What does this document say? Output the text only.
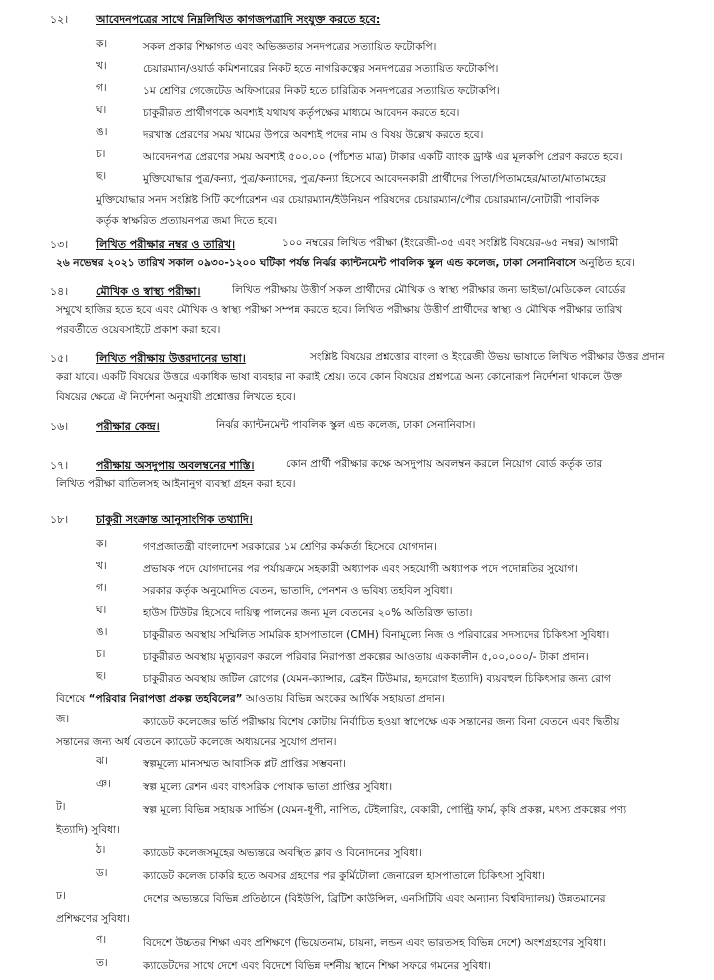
১২।	আবেদনপত্রের সাথে নিম্নলিখিত কাগজপত্রাদি সংযুক্ত করতে হবে:
ক।	সকল প্রকার শিক্ষাগত এবং অভিজ্ঞতার সনদপত্রের সত্যায়িত ফটোকপি।
খ।	চেয়ারম্যান/ওয়ার্ড কমিশনারের নিকট হতে নাগরিকত্বের সনদপত্রের সত্যায়িত ফটোকপি।
গ।	১ম শ্রেণির গেজেটেড অফিসারের নিকট হতে চারিত্রিক সনদপত্রের সত্যায়িত ফটোকপি।
ঘ।	চাকুরীরত প্রার্থীগণকে অবশ্যই যথাযথ কর্তৃপক্ষের মাধ্যমে আবেদন করতে হবে।
ঙ।	দরখাস্ত প্রেরণের সময় খামের উপরে অবশ্যই পদের নাম ও বিষয় উল্লেখ করতে হবে।
চ।	আবেদনপত্র প্রেরণের সময় অবশ্যই ৫০০.০০ (পাঁচশত মাত্র) টাকার একটি ব্যাংক ড্রাফ্ট এর মূলকপি প্রেরণ করতে হবে।
ছ।	মুক্তিযোদ্ধার পুত্র/কন্যা, পুত্র/কন্যাদের, পুত্র/কন্যা হিসেবে আবেদনকারী প্রার্থীদের পিতা/পিতামহের/মাতা/মাতামহের
মুক্তিযোদ্ধার সনদ সংশ্লিষ্ট সিটি কর্পোরেশন এর চেয়ারম্যান/ইউনিয়ন পরিষদের চেয়ারম্যান/পৌর চেয়ারম্যান/নোটারী পাবলিক
কর্তৃক স্বাক্ষরিত প্রত্যায়নপত্র জমা দিতে হবে।
১৩।	লিখিত পরীক্ষার নম্বর ও তারিখ।	১০০ নম্বরের লিখিত পরীক্ষা (ইংরেজী-৩৫ এবং সংশ্লিষ্ট বিষয়ের-৬৫ নম্বর) আগামী
২৬ নভেম্বর ২০২১ তারিখ সকাল ০৯৩০-১২০০ ঘটিকা পর্যন্ত নির্ঝর ক্যান্টনমেন্ট পাবলিক স্কুল এন্ড কলেজ, ঢাকা সেনানিবাসে অনুষ্ঠিত হবে।
১৪।	মৌখিক ও স্বাস্থ্য পরীক্ষা।	লিখিত পরীক্ষায় উত্তীর্ণ সকল প্রার্থীদের মৌখিক ও স্বাস্থ্য পরীক্ষার জন্য ভাইভা/মেডিকেল বোর্ডের
সম্মুখে হাজির হতে হবে এবং মৌখিক ও স্বাস্থ্য পরীক্ষা সম্পন্ন করতে হবে। লিখিত পরীক্ষায় উত্তীর্ণ প্রার্থীদের স্বাস্থ্য ও মৌখিক পরীক্ষার তারিখ
পরবর্তীতে ওয়েবসাইটে প্রকাশ করা হবে।
১৫।	লিখিত পরীক্ষায় উত্তরদানের ভাষা।	সংশ্লিষ্ট বিষয়ের প্রশ্নত্তোর বাংলা ও ইংরেজী উভয় ভাষাতে লিখিত পরীক্ষার উত্তর প্রদান
করা যাবে। একটি বিষয়ের উত্তরে একাধিক ভাষা ব্যবহার না করাই শ্রেয়। তবে কোন বিষয়ের প্রশ্নপত্রে অন্য কোনোরূপ নির্দেশনা থাকলে উক্ত
বিষয়ের ক্ষেত্রে ঐ নির্দেশনা অনুযায়ী প্রশ্নোত্তর লিখতে হবে।
১৬।	পরীক্ষার কেন্দ্র।	নির্ঝর ক্যান্টনমেন্ট পাবলিক স্কুল এন্ড কলেজ, ঢাকা সেনানিবাস।
১৭।	পরীক্ষায় অসদুপায় অবলম্বনের শাস্তি।	কোন প্রার্থী পরীক্ষার কক্ষে অসদুপায় অবলম্বন করলে নিয়োগ বোর্ড কর্তৃক তার
লিখিত পরীক্ষা বাতিলসহ আইনানুগ ব্যবস্থা গ্রহন করা হবে।
১৮।	চাকুরী সংক্রান্ত আনুসাংগিক তথ্যাদি।
ক।	গণপ্রজাতন্ত্রী বাংলাদেশ সরকারের ১ম শ্রেণির কর্মকর্তা হিসেবে যোগদান।
খ।	প্রভাষক পদে যোগদানের পর পর্যায়ক্রমে সহকারী অধ্যাপক এবং সহযোগী অধ্যাপক পদে পদোন্নতির সুযোগ।
গ।	সরকার কর্তৃক অনুমোদিত বেতন, ভাতাদি, পেনশন ও ভবিষ্য তহবিল সুবিধা।
ঘ।	হাউস টিউটর হিসেবে দায়িত্ব পালনের জন্য মূল বেতনের ২০% অতিরিক্ত ভাতা।
ঙ।	চাকুরীরত অবস্থায় সম্মিলিত সামরিক হাসপাতালে (CMH) বিনামূল্যে নিজ ও পরিবারের সদস্যদের চিকিৎসা সুবিধা।
চ।	চাকুরীরত অবস্থায় মৃত্যুবরণ করলে পরিবার নিরাপত্তা প্রকল্পের আওতায় এককালীন ৫,০০,০০০/- টাকা প্রদান।
ছ।	চাকুরীরত অবস্থায় জটিল রোগের (যেমন-ক্যান্সার, ব্রেইন টিউমার, হৃদরোগ ইত্যাদি) ব্যয়বহুল চিকিৎসার জন্য রোগ
বিশেষে “পরিবার নিরাপত্তা প্রকল্প তহবিলের” আওতায় বিভিন্ন অংকের আর্থিক সহায়তা প্রদান।
জ।	ক্যাডেট কলেজের ভর্তি পরীক্ষায় বিশেষ কোটায় নির্বাচিত হওয়া স্বাপেক্ষে এক সন্তানের জন্য বিনা বেতনে এবং দ্বিতীয়
সন্তানের জন্য অর্ধ বেতনে ক্যাডেট কলেজে অধ্যয়নের সুযোগ প্রদান।
ঝ।	স্বল্পমূল্যে মানসম্মত আবাসিক প্লট প্রাপ্তির সম্ভবনা।
ঞ।	স্বল্প মূল্যে রেশন এবং বাৎসরিক পোষাক ভাতা প্রাপ্তির সুবিধা।
ট।	স্বল্প মূল্যে বিভিন্ন সহায়ক সার্ভিস (যেমন-ধূপী, নাপিত, টেইলারিং, বেকারী, পোল্ট্রি ফার্ম, কৃষি প্রকল্প, মৎস্য প্রকল্পের পণ্য
ইত্যাদি) সুবিধা।
ঠ।	ক্যাডেট কলেজসমূহের অভ্যন্তরে অবস্থিত ক্লাব ও বিনোদনের সুবিধা।
ড।	ক্যাডেট কলেজ চাকরি হতে অবসর গ্রহণের পর কুর্মিটোলা জেনারেল হাসপাতালে চিকিৎসা সুবিধা।
ঢ।	দেশের অভ্যন্তরে বিভিন্ন প্রতিষ্ঠানে (বিইউপি, ব্রিটিশ কাউন্সিল, এনসিটিবি এবং অন্যান্য বিশ্ববিদ্যালয়) উন্নতমানের
প্রশিক্ষণের সুবিধা।
ণ।	বিদেশে উচ্চতর শিক্ষা এবং প্রশিক্ষণে (ভিয়েতনাম, চায়না, লন্ডন এবং ভারতসহ বিভিন্ন দেশে) অংশগ্রহণের সুবিধা।
ত।	ক্যাডেটদের সাথে দেশে এবং বিদেশে বিভিন্ন দর্শনীয় স্থানে শিক্ষা সফরে গমনের সুবিধা।
